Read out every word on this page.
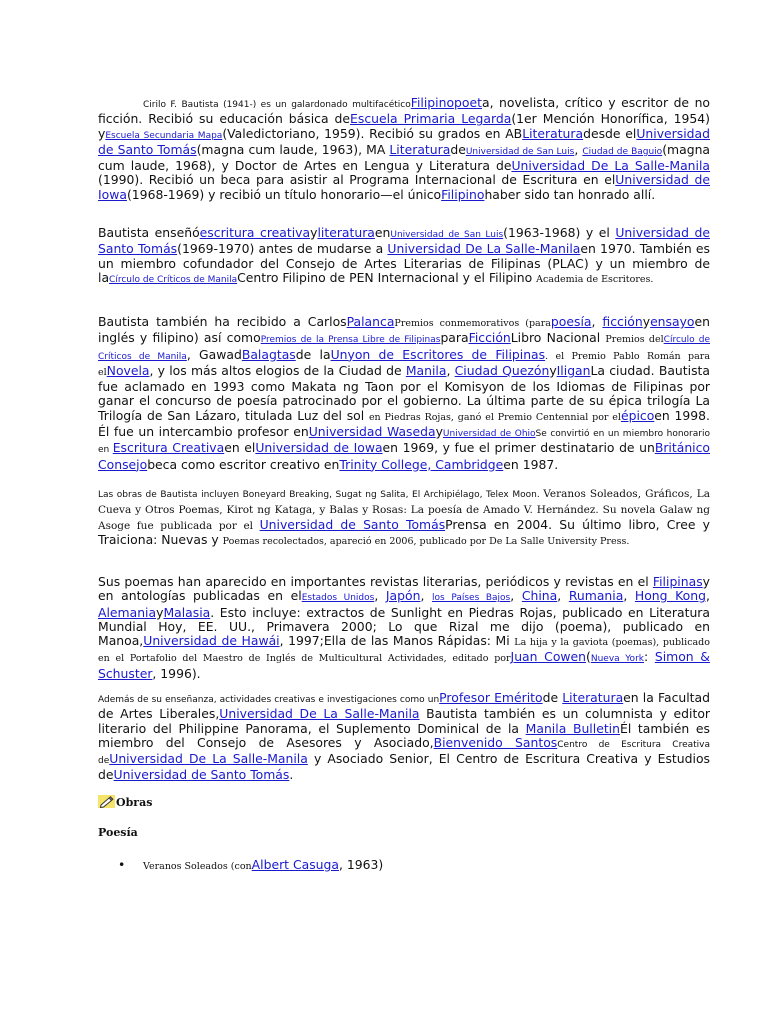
Cirilo F. Bautista (1941-) es un galardonado multifacéticoFilipinopoeta, novelista, crítico y escritor de no ficción. Recibió su educación básica deEscuela Primaria Legarda(1er Mención Honorífica, 1954) yEscuela Secundaria Mapa(Valedictoriano, 1959). Recibió su grados en ABLiteraturadesde elUniversidad de Santo Tomás(magna cum laude, 1963), MA LiteraturadeUniversidad de San Luis, Ciudad de Baguio(magna cum laude, 1968), y Doctor de Artes en Lengua y Literatura deUniversidad De La Salle-Manila (1990). Recibió un beca para asistir al Programa Internacional de Escritura en elUniversidad de Iowa(1968-1969) y recibió un título honorario—el únicoFilipinohaber sido tan honrado allí.

Bautista enseñóescritura creativayliteraturaenUniversidad de San Luis(1963-1968) y el Universidad de Santo Tomás(1969-1970) antes de mudarse a Universidad De La Salle-Manilaen 1970. También es un miembro cofundador del Consejo de Artes Literarias de Filipinas (PLAC) y un miembro de laCírculo de Críticos de ManilaCentro Filipino de PEN Internacional y el Filipino Academia de Escritores.

Bautista también ha recibido a CarlosPalancaPremios conmemorativos (parapoesía, ficciónyensayoen inglés y filipino) así comoPremios de la Prensa Libre de FilipinasparaFicciónLibro Nacional Premios delCírculo de Críticos de Manila, GawadBalagtasde laUnyon de Escritores de Filipinas. el Premio Pablo Román para elNovela, y los más altos elogios de la Ciudad de Manila, Ciudad QuezónyIliganLa ciudad. Bautista fue aclamado en 1993 como Makata ng Taon por el Komisyon de los Idiomas de Filipinas por ganar el concurso de poesía patrocinado por el gobierno. La última parte de su épica trilogía La Trilogía de San Lázaro, titulada Luz del sol en Piedras Rojas, ganó el Premio Centennial por elépicoen 1998. Él fue un intercambio profesor enUniversidad WasedayUniversidad de OhioSe convirtió en un miembro honorario en Escritura Creativaen elUniversidad de Iowaen 1969, y fue el primer destinatario de unBritánico Consejobeca como escritor creativo enTrinity College, Cambridgeen 1987.

Las obras de Bautista incluyen Boneyard Breaking, Sugat ng Salita, El Archipiélago, Telex Moon. Veranos Soleados, Gráficos, La Cueva y Otros Poemas, Kirot ng Kataga, y Balas y Rosas: La poesía de Amado V. Hernández. Su novela Galaw ng Asoge fue publicada por el Universidad de Santo TomásPrensa en 2004. Su último libro, Cree y Traiciona: Nuevas y Poemas recolectados, apareció en 2006, publicado por De La Salle University Press.

Sus poemas han aparecido en importantes revistas literarias, periódicos y revistas en el Filipinasy en antologías publicadas en elEstados Unidos, Japón, los Países Bajos, China, Rumania, Hong Kong, AlemaniayMalasia. Esto incluye: extractos de Sunlight en Piedras Rojas, publicado en Literatura Mundial Hoy, EE. UU., Primavera 2000; Lo que Rizal me dijo (poema), publicado en Manoa,Universidad de Hawái, 1997;Ella de las Manos Rápidas: Mi La hija y la gaviota (poemas), publicado en el Portafolio del Maestro de Inglés de Multicultural Actividades, editado porJuan Cowen(Nueva York: Simon & Schuster, 1996).

Además de su enseñanza, actividades creativas e investigaciones como unProfesor Eméritode Literaturaen la Facultad de Artes Liberales,Universidad De La Salle-Manila Bautista también es un columnista y editor literario del Philippine Panorama, el Suplemento Dominical de la Manila BulletinÉl también es miembro del Consejo de Asesores y Asociado,Bienvenido SantosCentro de Escritura Creativa deUniversidad De La Salle-Manila y Asociado Senior, El Centro de Escritura Creativa y Estudios deUniversidad de Santo Tomás.

Obras
Poesía
• Veranos Soleados (conAlbert Casuga, 1963)
